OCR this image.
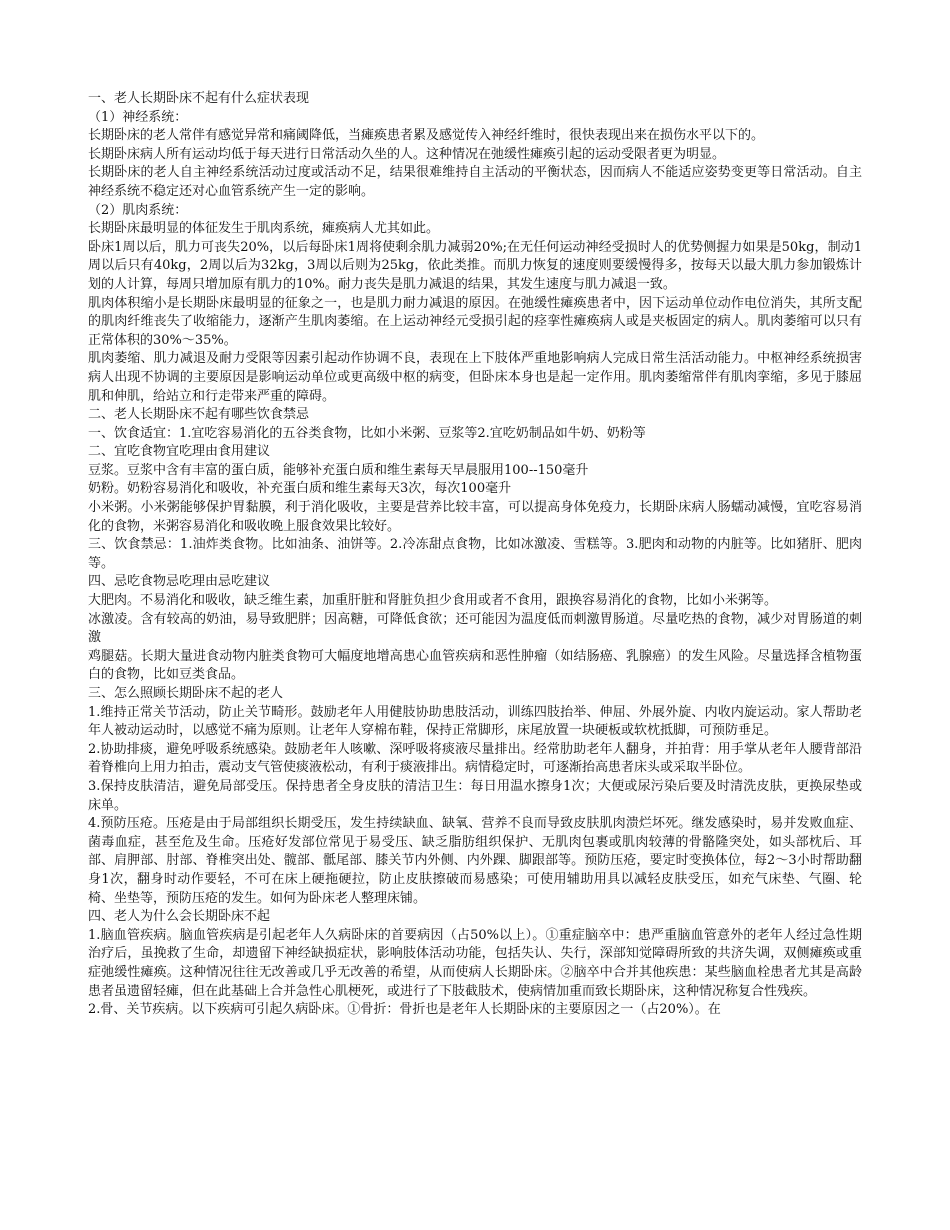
一、老人长期卧床不起有什么症状表现

（1）神经系统：

长期卧床的老人常伴有感觉异常和痛阈降低，当瘫痪患者累及感觉传入神经纤维时，很快表现出来在损伤水平以下的。

长期卧床病人所有运动均低于每天进行日常活动久坐的人。这种情况在弛缓性瘫痪引起的运动受限者更为明显。

长期卧床的老人自主神经系统活动过度或活动不足，结果很难维持自主活动的平衡状态，因而病人不能适应姿势变更等日常活动。自主神经系统不稳定还对心血管系统产生一定的影响。

（2）肌肉系统：

长期卧床最明显的体征发生于肌肉系统，瘫痪病人尤其如此。

卧床1周以后，肌力可丧失20%，以后每卧床1周将使剩余肌力减弱20%;在无任何运动神经受损时人的优势侧握力如果是50kg，制动1周以后只有40kg，2周以后为32kg，3周以后则为25kg，依此类推。而肌力恢复的速度则要缓慢得多，按每天以最大肌力参加锻炼计划的人计算，每周只增加原有肌力的10%。耐力丧失是肌力减退的结果，其发生速度与肌力减退一致。

肌肉体积缩小是长期卧床最明显的征象之一，也是肌力耐力减退的原因。在弛缓性瘫痪患者中，因下运动单位动作电位消失，其所支配的肌肉纤维丧失了收缩能力，逐渐产生肌肉萎缩。在上运动神经元受损引起的痉挛性瘫痪病人或是夹板固定的病人。肌肉萎缩可以只有正常体积的30%～35%。

肌肉萎缩、肌力减退及耐力受限等因素引起动作协调不良，表现在上下肢体严重地影响病人完成日常生活活动能力。中枢神经系统损害病人出现不协调的主要原因是影响运动单位或更高级中枢的病变，但卧床本身也是起一定作用。肌肉萎缩常伴有肌肉挛缩，多见于膝屈肌和伸肌，给站立和行走带来严重的障碍。

二、老人长期卧床不起有哪些饮食禁忌

一、饮食适宜：1.宜吃容易消化的五谷类食物，比如小米粥、豆浆等2.宜吃奶制品如牛奶、奶粉等

二、宜吃食物宜吃理由食用建议

豆浆。豆浆中含有丰富的蛋白质，能够补充蛋白质和维生素每天早晨服用100--150毫升

奶粉。奶粉容易消化和吸收，补充蛋白质和维生素每天3次，每次100毫升

小米粥。小米粥能够保护胃黏膜，利于消化吸收，主要是营养比较丰富，可以提高身体免疫力，长期卧床病人肠蠕动减慢，宜吃容易消化的食物，米粥容易消化和吸收晚上服食效果比较好。

三、饮食禁忌：1.油炸类食物。比如油条、油饼等。2.冷冻甜点食物，比如冰激凌、雪糕等。3.肥肉和动物的内脏等。比如猪肝、肥肉等。

四、忌吃食物忌吃理由忌吃建议

大肥肉。不易消化和吸收，缺乏维生素，加重肝脏和肾脏负担少食用或者不食用，跟换容易消化的食物，比如小米粥等。

冰激凌。含有较高的奶油，易导致肥胖；因高糖，可降低食欲；还可能因为温度低而刺激胃肠道。尽量吃热的食物，减少对胃肠道的刺激

鸡腿菇。长期大量进食动物内脏类食物可大幅度地增高患心血管疾病和恶性肿瘤（如结肠癌、乳腺癌）的发生风险。尽量选择含植物蛋白的食物，比如豆类食品。

三、怎么照顾长期卧床不起的老人

1.维持正常关节活动，防止关节畸形。鼓励老年人用健肢协助患肢活动，训练四肢抬举、伸屈、外展外旋、内收内旋运动。家人帮助老年人被动运动时，以感觉不痛为原则。让老年人穿棉布鞋，保持正常脚形，床尾放置一块硬板或软枕抵脚，可预防垂足。

2.协助排痰，避免呼吸系统感染。鼓励老年人咳嗽、深呼吸将痰液尽量排出。经常肋助老年人翻身，并拍背：用手掌从老年人腰背部沿着脊椎向上用力拍击，震动支气管使痰液松动，有利于痰液排出。病情稳定时，可逐渐抬高患者床头或采取半卧位。

3.保持皮肤清洁，避免局部受压。保持患者全身皮肤的清洁卫生：每日用温水擦身1次；大便或尿污染后要及时清洗皮肤，更换尿垫或床单。

4.预防压疮。压疮是由于局部组织长期受压，发生持续缺血、缺氧、营养不良而导致皮肤肌肉溃烂坏死。继发感染时，易并发败血症、菌毒血症，甚至危及生命。压疮好发部位常见于易受压、缺乏脂肪组织保护、无肌肉包裹或肌肉较薄的骨骼隆突处，如头部枕后、耳部、肩胛部、肘部、脊椎突出处、髋部、骶尾部、膝关节内外侧、内外踝、脚跟部等。预防压疮，要定时变换体位，每2～3小时帮助翻身1次，翻身时动作要轻，不可在床上硬拖硬拉，防止皮肤擦破而易感染；可使用辅助用具以减轻皮肤受压，如充气床垫、气圈、轮椅、坐垫等，预防压疮的发生。如何为卧床老人整理床铺。

四、老人为什么会长期卧床不起

1.脑血管疾病。脑血管疾病是引起老年人久病卧床的首要病因（占50%以上）。①重症脑卒中：患严重脑血管意外的老年人经过急性期治疗后，虽挽救了生命，却遗留下神经缺损症状，影响肢体活动功能，包括失认、失行，深部知觉障碍所致的共济失调，双侧瘫痪或重症弛缓性瘫痪。这种情况往往无改善或几乎无改善的希望，从而使病人长期卧床。②脑卒中合并其他疾患：某些脑血栓患者尤其是高龄患者虽遗留轻瘫，但在此基础上合并急性心肌梗死，或进行了下肢截肢术，使病情加重而致长期卧床，这种情况称复合性残疾。

2.骨、关节疾病。以下疾病可引起久病卧床。①骨折：骨折也是老年人长期卧床的主要原因之一（占20%）。在
